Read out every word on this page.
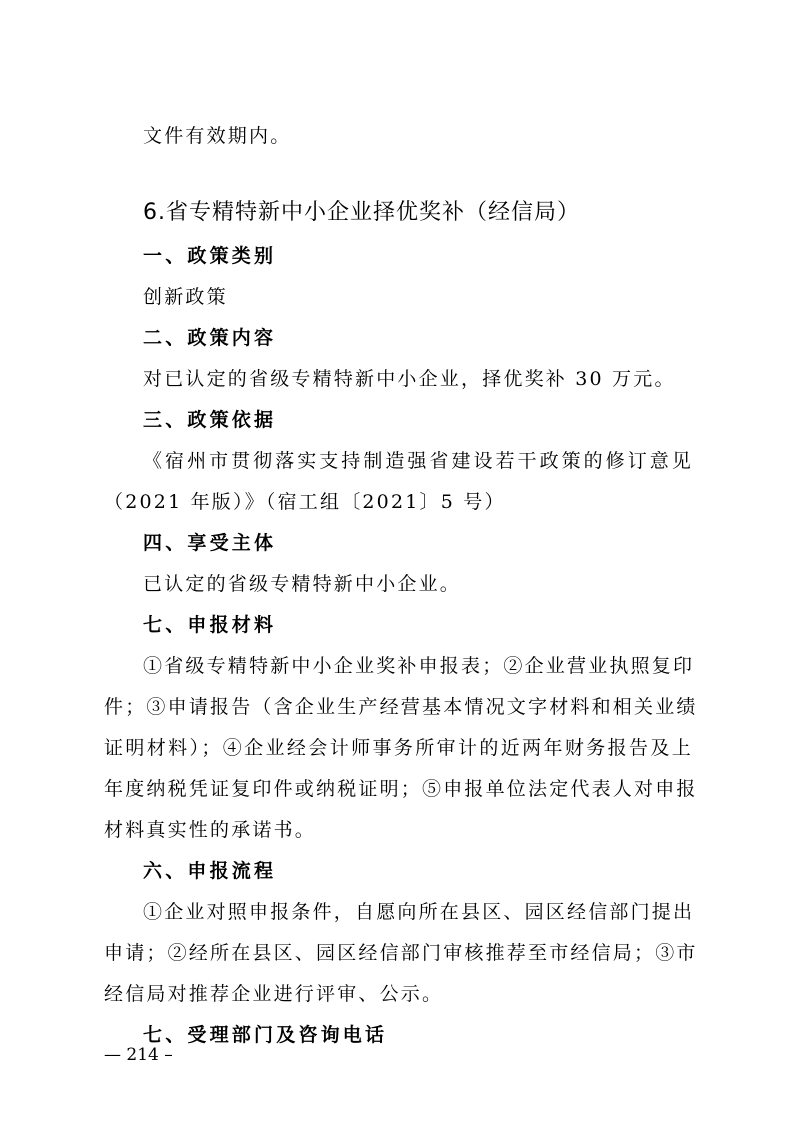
文件有效期内。
6.省专精特新中小企业择优奖补（经信局）
一、政策类别
创新政策
二、政策内容
对已认定的省级专精特新中小企业，择优奖补 30 万元。
三、政策依据
《宿州市贯彻落实支持制造强省建设若干政策的修订意见
（2021 年版）》（宿工组〔2021〕5 号）
四、享受主体
已认定的省级专精特新中小企业。
七、申报材料
①省级专精特新中小企业奖补申报表；②企业营业执照复印
件；③申请报告（含企业生产经营基本情况文字材料和相关业绩
证明材料）；④企业经会计师事务所审计的近两年财务报告及上
年度纳税凭证复印件或纳税证明；⑤申报单位法定代表人对申报
材料真实性的承诺书。
六、申报流程
①企业对照申报条件，自愿向所在县区、园区经信部门提出
申请；②经所在县区、园区经信部门审核推荐至市经信局；③市
经信局对推荐企业进行评审、公示。
七、受理部门及咨询电话
— 214 –
